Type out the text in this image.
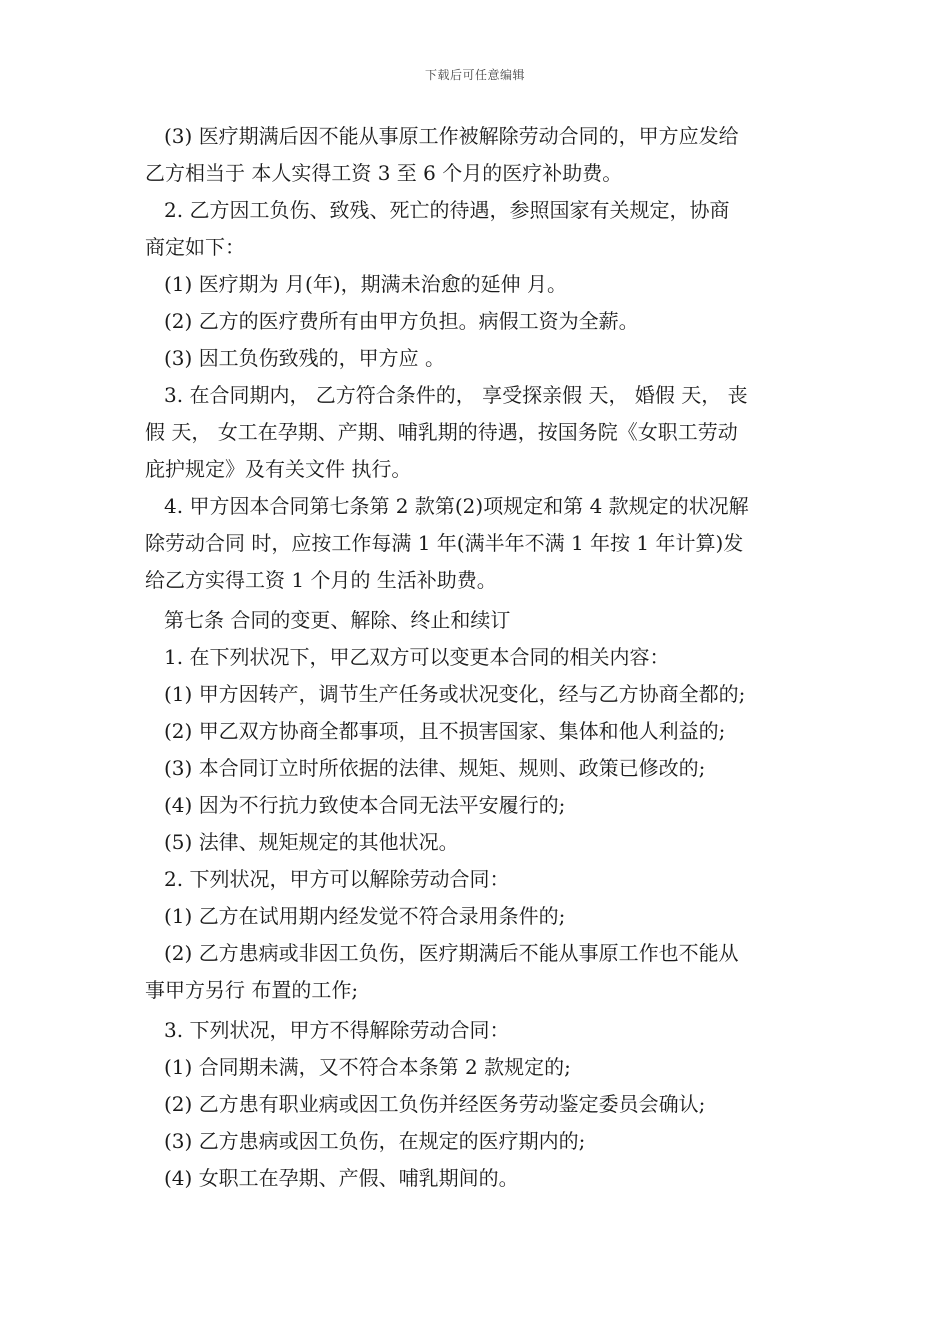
下载后可任意编辑
(3) 医疗期满后因不能从事原工作被解除劳动合同的，甲方应发给
乙方相当于 本人实得工资 3 至 6 个月的医疗补助费。
2. 乙方因工负伤、致残、死亡的待遇，参照国家有关规定，协商
商定如下：
(1) 医疗期为 月(年)，期满未治愈的延伸 月。
(2) 乙方的医疗费所有由甲方负担。病假工资为全薪。
(3) 因工负伤致残的，甲方应 。
3. 在合同期内， 乙方符合条件的， 享受探亲假 天， 婚假 天， 丧
假 天， 女工在孕期、产期、哺乳期的待遇，按国务院《女职工劳动
庇护规定》及有关文件 执行。
4. 甲方因本合同第七条第 2 款第(2)项规定和第 4 款规定的状况解
除劳动合同 时，应按工作每满 1 年(满半年不满 1 年按 1 年计算)发
给乙方实得工资 1 个月的 生活补助费。
第七条 合同的变更、解除、终止和续订
1. 在下列状况下，甲乙双方可以变更本合同的相关内容：
(1) 甲方因转产，调节生产任务或状况变化，经与乙方协商全都的;
(2) 甲乙双方协商全都事项，且不损害国家、集体和他人利益的;
(3) 本合同订立时所依据的法律、规矩、规则、政策已修改的;
(4) 因为不行抗力致使本合同无法平安履行的;
(5) 法律、规矩规定的其他状况。
2. 下列状况，甲方可以解除劳动合同：
(1) 乙方在试用期内经发觉不符合录用条件的;
(2) 乙方患病或非因工负伤，医疗期满后不能从事原工作也不能从
事甲方另行 布置的工作;
3. 下列状况，甲方不得解除劳动合同：
(1) 合同期未满，又不符合本条第 2 款规定的;
(2) 乙方患有职业病或因工负伤并经医务劳动鉴定委员会确认;
(3) 乙方患病或因工负伤，在规定的医疗期内的;
(4) 女职工在孕期、产假、哺乳期间的。
